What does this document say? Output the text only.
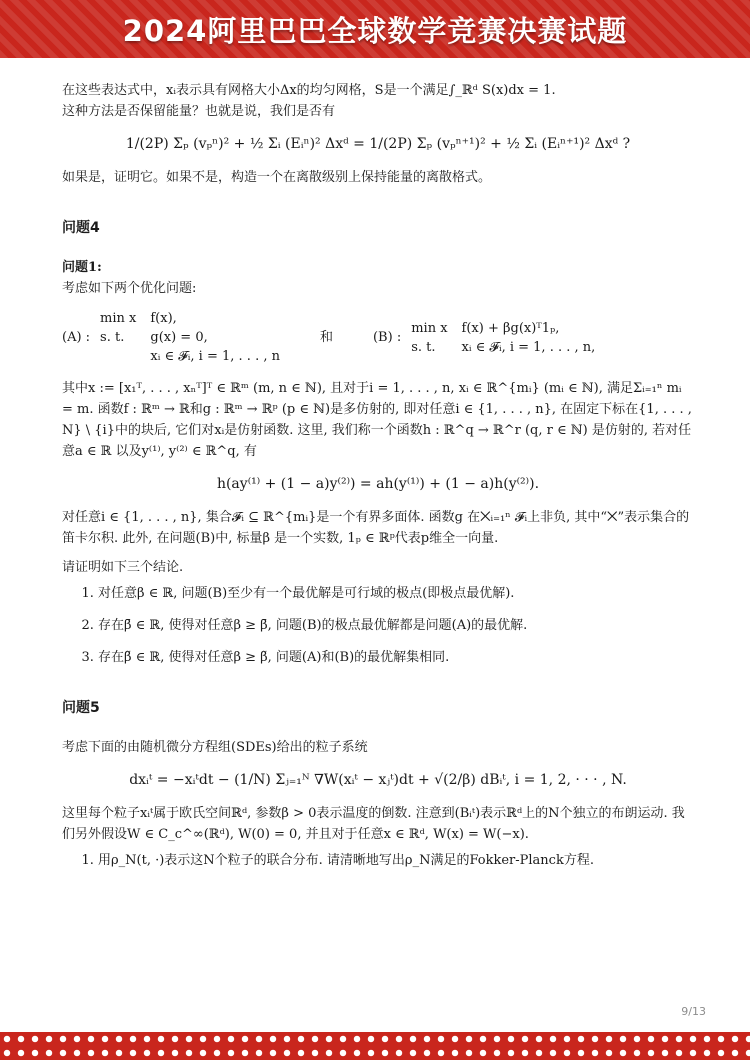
2024阿里巴巴全球数学竞赛决赛试题

在这些表达式中，xᵢ表示具有网格大小Δx的均匀网格，S是一个满足∫_ℝᵈ S(x)dx = 1.

这种方法是否保留能量？也就是说，我们是否有

1/(2P) Σₚ (vₚⁿ)² + ½ Σᵢ (Eᵢⁿ)² Δxᵈ = 1/(2P) Σₚ (vₚⁿ⁺¹)² + ½ Σᵢ (Eᵢⁿ⁺¹)² Δxᵈ ?

如果是，证明它。如果不是，构造一个在离散级别上保持能量的离散格式。

问题4

问题1:

考虑如下两个优化问题:

(A) :
min x f(x),
s. t.	g(x) = 0,
xᵢ ∈ 𝓕ᵢ, i = 1, . . . , n
和	(B) :
min x f(x) + βg(x)ᵀ1ₚ,
s. t.	xᵢ ∈ 𝓕ᵢ, i = 1, . . . , n,

其中x := [x₁ᵀ, . . . , xₙᵀ]ᵀ ∈ ℝᵐ (m, n ∈ ℕ), 且对于i = 1, . . . , n, xᵢ ∈ ℝ^{mᵢ} (mᵢ ∈ ℕ), 满足Σᵢ₌₁ⁿ mᵢ = m. 函数f : ℝᵐ → ℝ和g : ℝᵐ → ℝᵖ (p ∈ ℕ)是多仿射的, 即对任意i ∈ {1, . . . , n}, 在固定下标在{1, . . . , N} \ {i}中的块后, 它们对xᵢ是仿射函数. 这里, 我们称一个函数h : ℝ^q → ℝ^r (q, r ∈ ℕ) 是仿射的, 若对任意a ∈ ℝ 以及y⁽¹⁾, y⁽²⁾ ∈ ℝ^q, 有

h(ay⁽¹⁾ + (1 − a)y⁽²⁾) = ah(y⁽¹⁾) + (1 − a)h(y⁽²⁾).

对任意i ∈ {1, . . . , n}, 集合𝓕ᵢ ⊆ ℝ^{mᵢ}是一个有界多面体. 函数g 在⨉ᵢ₌₁ⁿ 𝓕ᵢ上非负, 其中“⨉”表示集合的笛卡尔积. 此外, 在问题(B)中, 标量β 是一个实数, 1ₚ ∈ ℝᵖ代表p维全一向量.

请证明如下三个结论.

1. 对任意β ∈ ℝ, 问题(B)至少有一个最优解是可行域的极点(即极点最优解).
2. 存在β̄ ∈ ℝ, 使得对任意β ≥ β̄, 问题(B)的极点最优解都是问题(A)的最优解.
3. 存在β̃ ∈ ℝ, 使得对任意β ≥ β̃, 问题(A)和(B)的最优解集相同.

问题5

考虑下面的由随机微分方程组(SDEs)给出的粒子系统

dxᵢᵗ = −xᵢᵗdt − (1/N) Σⱼ₌₁ᴺ ∇W(xᵢᵗ − xⱼᵗ)dt + √(2/β) dBᵢᵗ, i = 1, 2, · · · , N.

这里每个粒子xᵢᵗ属于欧氏空间ℝᵈ, 参数β > 0表示温度的倒数. 注意到(Bᵢᵗ)表示ℝᵈ上的N个独立的布朗运动. 我们另外假设W ∈ C_c^∞(ℝᵈ), W(0) = 0, 并且对于任意x ∈ ℝᵈ, W(x) = W(−x).

1. 用ρ_N(t, ·)表示这N个粒子的联合分布. 请清晰地写出ρ_N满足的Fokker-Planck方程.
9/13
